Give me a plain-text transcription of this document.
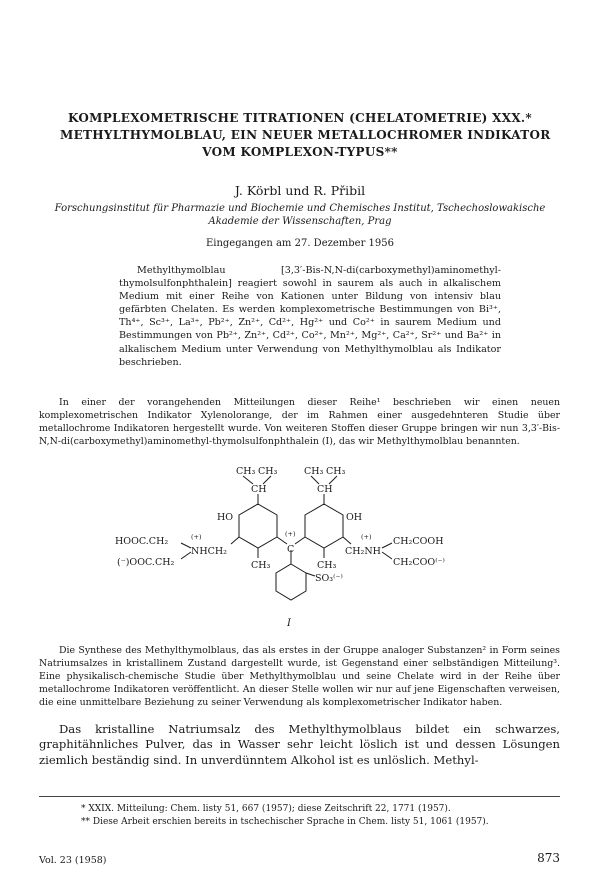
KOMPLEXOMETRISCHE TITRATIONEN (CHELATOMETRIE) XXX.*
METHYLTHYMOLBLAU, EIN NEUER METALLOCHROMER INDIKATOR
VOM KOMPLEXON-TYPUS**

J. Körbl und R. Přibil

Forschungsinstitut für Pharmazie und Biochemie und Chemisches Institut, Tschechoslowakische
Akademie der Wissenschaften, Prag

Eingegangen am 27. Dezember 1956

Methylthymolblau [3,3′-Bis-N,N-di(carboxymethyl)aminomethyl-thymolsulfonphthalein] reagiert sowohl in saurem als auch in alkalischem Medium mit einer Reihe von Kationen unter Bildung von intensiv blau gefärbten Chelaten. Es werden komplexometrische Bestimmungen von Bi³⁺, Th⁴⁺, Sc³⁺, La³⁺, Pb²⁺, Zn²⁺, Cd²⁺, Hg²⁺ und Co²⁺ in saurem Medium und Bestimmungen von Pb²⁺, Zn²⁺, Cd²⁺, Co²⁺, Mn²⁺, Mg²⁺, Ca²⁺, Sr²⁺ und Ba²⁺ in alkalischem Medium unter Verwendung von Methylthymolblau als Indikator beschrieben.

In einer der vorangehenden Mitteilungen dieser Reihe¹ beschrieben wir einen neuen komplexometrischen Indikator Xylenolorange, der im Rahmen einer ausgedehnteren Studie über metallochrome Indikatoren hergestellt wurde. Von weiteren Stoffen dieser Gruppe bringen wir nun 3,3′-Bis-N,N-di(carboxymethyl)aminomethyl-thymolsulfonphthalein (I), das wir Methylthymolblau benannten.

CH₃ CH₃	CH₃ CH₃
CH	CH
HO	OH
HOOC.CH₂
(⁻)OOC.CH₂
(+)
NHCH₂
(+)
C
(+)
CH₂NH
CH₂COOH
CH₂COO⁽⁻⁾
CH₃	CH₃
SO₃⁽⁻⁾
I

Die Synthese des Methylthymolblaus, das als erstes in der Gruppe analoger Substanzen² in Form seines Natriumsalzes in kristallinem Zustand dargestellt wurde, ist Gegenstand einer selbständigen Mitteilung³. Eine physikalisch-chemische Studie über Methylthymolblau und seine Chelate wird in der Reihe über metallochrome Indikatoren veröffentlicht. An dieser Stelle wollen wir nur auf jene Eigenschaften verweisen, die eine unmittelbare Beziehung zu seiner Verwendung als komplexometrischer Indikator haben.

Das kristalline Natriumsalz des Methylthymolblaus bildet ein schwarzes, graphitähnliches Pulver, das in Wasser sehr leicht löslich ist und dessen Lösungen ziemlich beständig sind. In unverdünntem Alkohol ist es unlöslich. Methyl-

* XXIX. Mitteilung: Chem. listy 51, 667 (1957); diese Zeitschrift 22, 1771 (1957).
** Diese Arbeit erschien bereits in tschechischer Sprache in Chem. listy 51, 1061 (1957).
Vol. 23 (1958)	873
